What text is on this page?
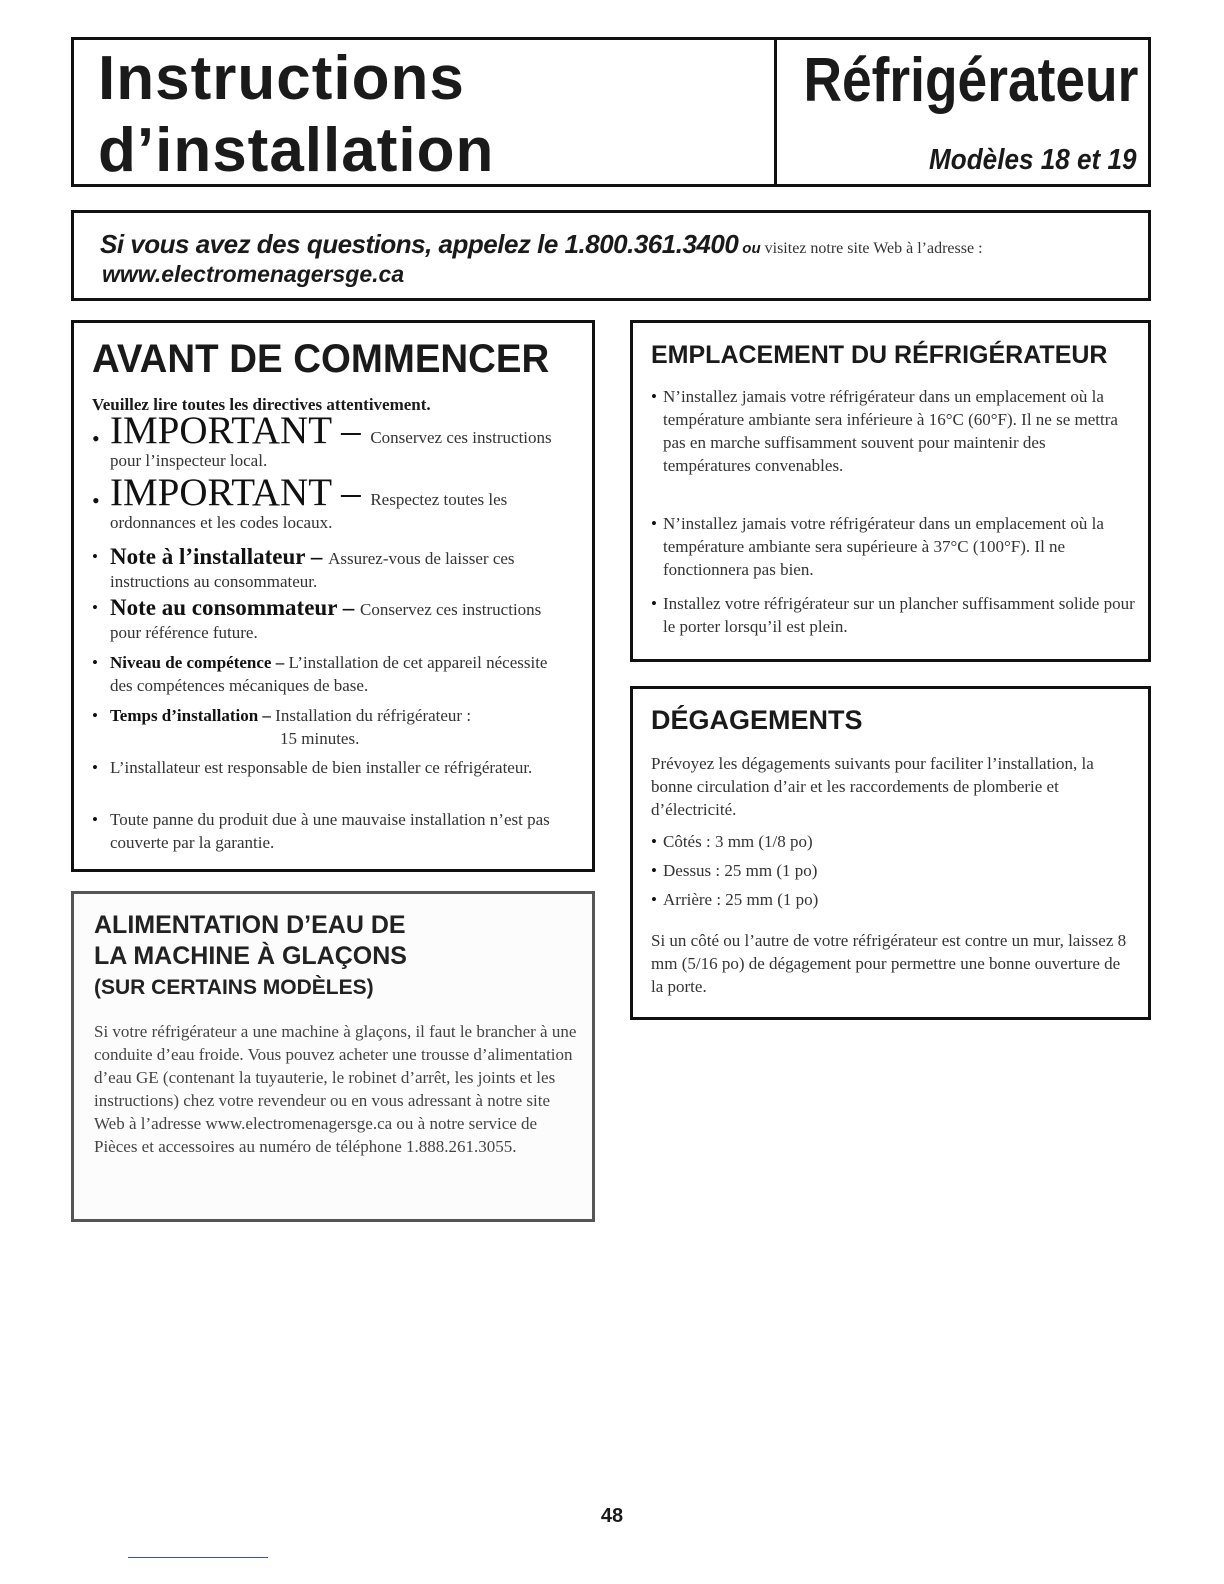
Instructions
d’installation
Réfrigérateur
Modèles 18 et 19
Si vous avez des questions, appelez le 1.800.361.3400 ou visitez notre site Web à l’adresse :
www.electromenagersge.ca
AVANT DE COMMENCER
Veuillez lire toutes les directives attentivement.
• IMPORTANT – Conservez ces instructions pour l’inspecteur local.
• IMPORTANT – Respectez toutes les ordonnances et les codes locaux.
• Note à l’installateur – Assurez-vous de laisser ces instructions au consommateur.
• Note au consommateur – Conservez ces instructions pour référence future.
• Niveau de compétence – L’installation de cet appareil nécessite des compétences mécaniques de base.
• Temps d’installation – Installation du réfrigérateur :
15 minutes.
• L’installateur est responsable de bien installer ce réfrigérateur.
• Toute panne du produit due à une mauvaise installation n’est pas couverte par la garantie.
EMPLACEMENT DU RÉFRIGÉRATEUR
• N’installez jamais votre réfrigérateur dans un emplacement où la température ambiante sera inférieure à 16°C (60°F). Il ne se mettra pas en marche suffisamment souvent pour maintenir des températures convenables.
• N’installez jamais votre réfrigérateur dans un emplacement où la température ambiante sera supérieure à 37°C (100°F). Il ne fonctionnera pas bien.
• Installez votre réfrigérateur sur un plancher suffisamment solide pour le porter lorsqu’il est plein.
DÉGAGEMENTS
Prévoyez les dégagements suivants pour faciliter l’installation, la bonne circulation d’air et les raccordements de plomberie et d’électricité.
• Côtés : 3 mm (1/8 po)
• Dessus : 25 mm (1 po)
• Arrière : 25 mm (1 po)
Si un côté ou l’autre de votre réfrigérateur est contre un mur, laissez 8 mm (5/16 po) de dégagement pour permettre une bonne ouverture de la porte.
ALIMENTATION D’EAU DE
LA MACHINE À GLAÇONS
(SUR CERTAINS MODÈLES)
Si votre réfrigérateur a une machine à glaçons, il faut le brancher à une conduite d’eau froide. Vous pouvez acheter une trousse d’alimentation d’eau GE (contenant la tuyauterie, le robinet d’arrêt, les joints et les instructions) chez votre revendeur ou en vous adressant à notre site Web à l’adresse www.electromenagersge.ca ou à notre service de Pièces et accessoires au numéro de téléphone 1.888.261.3055.
48
